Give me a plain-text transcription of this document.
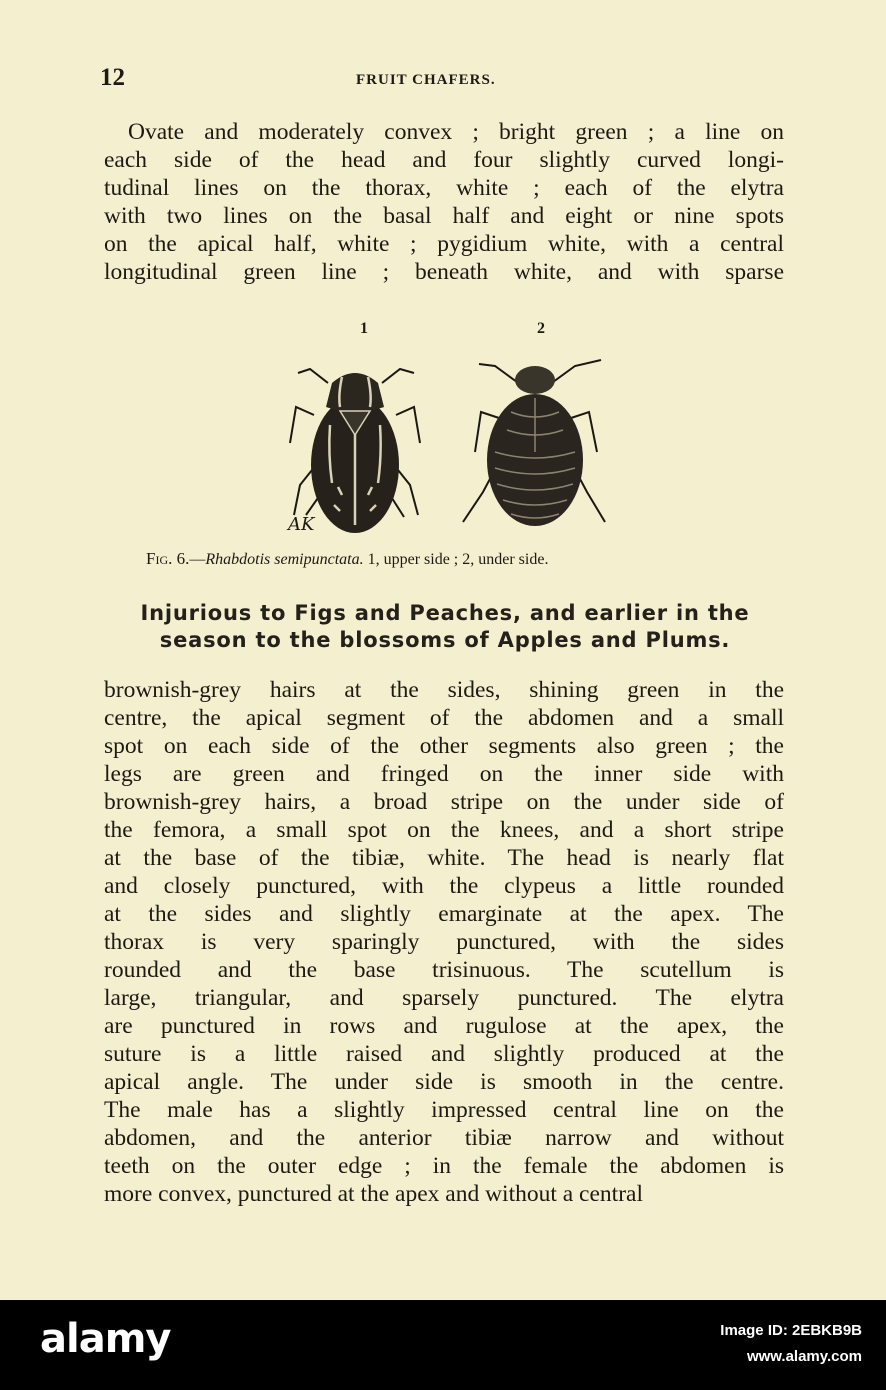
12	FRUIT CHAFERS.
Ovate and moderately convex ; bright green ; a line on
each side of the head and four slightly curved longi-
tudinal lines on the thorax, white ; each of the elytra
with two lines on the basal half and eight or nine spots
on the apical half, white ; pygidium white, with a central
longitudinal green line ; beneath white, and with sparse
1	2
AK
Fig. 6.—Rhabdotis semipunctata. 1, upper side ; 2, under side.
Injurious to Figs and Peaches, and earlier in the
season to the blossoms of Apples and Plums.
brownish-grey hairs at the sides, shining green in the
centre, the apical segment of the abdomen and a small
spot on each side of the other segments also green ; the
legs are green and fringed on the inner side with
brownish-grey hairs, a broad stripe on the under side of
the femora, a small spot on the knees, and a short stripe
at the base of the tibiæ, white. The head is nearly flat
and closely punctured, with the clypeus a little rounded
at the sides and slightly emarginate at the apex. The
thorax is very sparingly punctured, with the sides
rounded and the base trisinuous. The scutellum is
large, triangular, and sparsely punctured. The elytra
are punctured in rows and rugulose at the apex, the
suture is a little raised and slightly produced at the
apical angle. The under side is smooth in the centre.
The male has a slightly impressed central line on the
abdomen, and the anterior tibiæ narrow and without
teeth on the outer edge ; in the female the abdomen is
more convex, punctured at the apex and without a central
alamy	Image ID: 2EBKB9B
www.alamy.com
